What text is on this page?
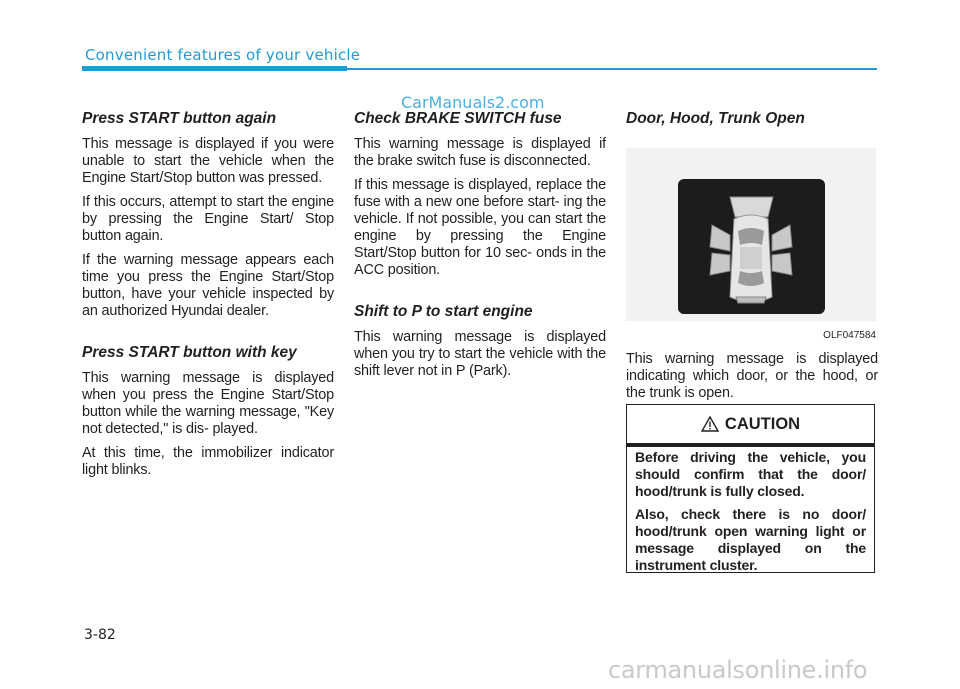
Convenient features of your vehicle
CarManuals2.com
Press START button again

This message is displayed if you were unable to start the vehicle when the Engine Start/Stop button was pressed.

If this occurs, attempt to start the engine by pressing the Engine Start/ Stop button again.

If the warning message appears each time you press the Engine Start/Stop button, have your vehicle inspected by an authorized Hyundai dealer.

Press START button with key

This warning message is displayed when you press the Engine Start/Stop button while the warning message, "Key not detected," is dis- played.

At this time, the immobilizer indicator light blinks.

Check BRAKE SWITCH fuse

This warning message is displayed if the brake switch fuse is disconnected.

If this message is displayed, replace the fuse with a new one before start- ing the vehicle. If not possible, you can start the engine by pressing the Engine Start/Stop button for 10 sec- onds in the ACC position.

Shift to P to start engine

This warning message is displayed when you try to start the vehicle with the shift lever not in P (Park).

Door, Hood, Trunk Open
OLF047584

This warning message is displayed indicating which door, or the hood, or the trunk is open.

CAUTION

Before driving the vehicle, you should confirm that the door/ hood/trunk is fully closed.

Also, check there is no door/ hood/trunk open warning light or message displayed on the instrument cluster.

3-82
carmanualsonline.info
